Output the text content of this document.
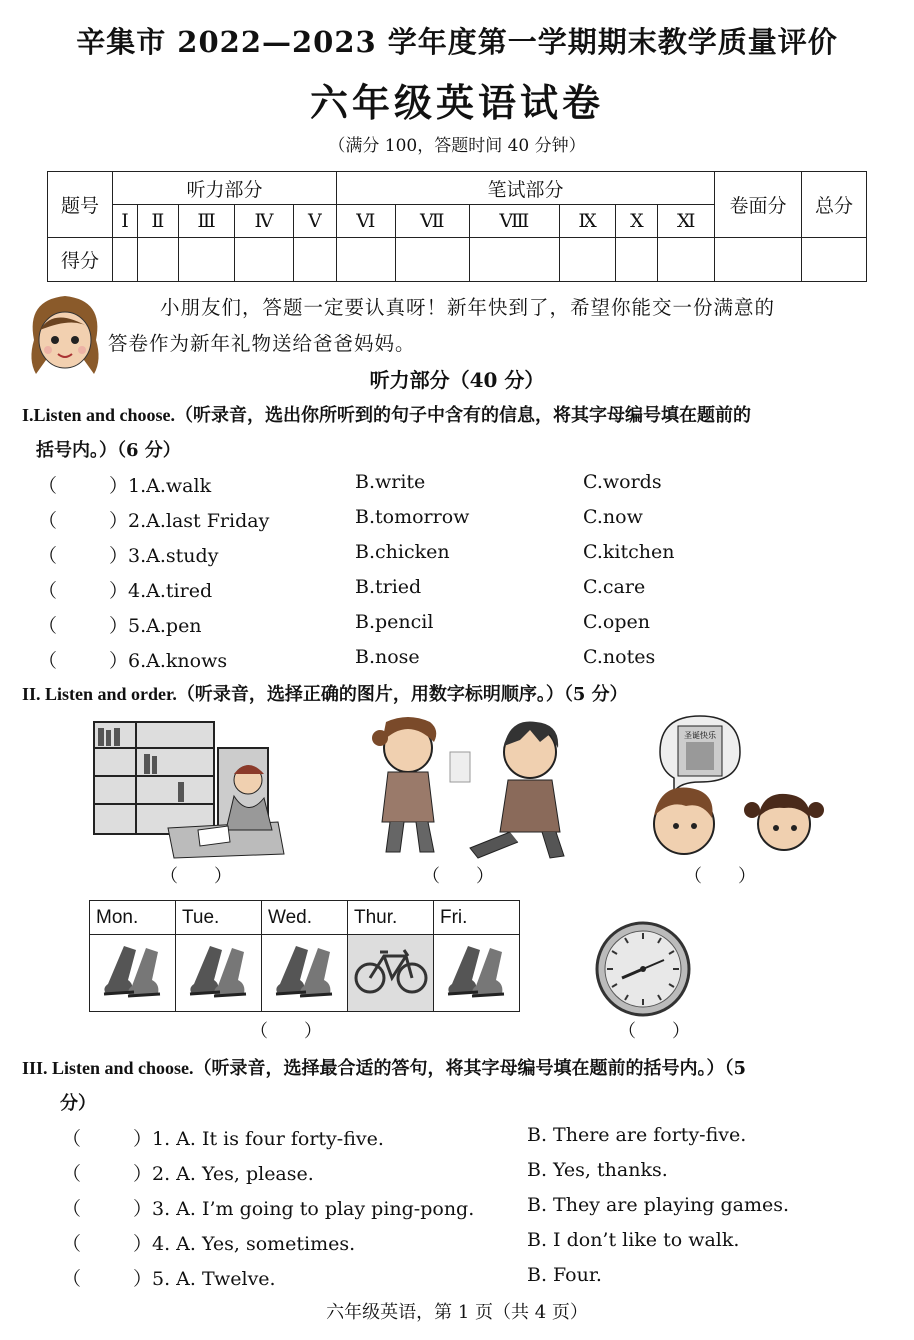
辛集市 2022—2023 学年度第一学期期末教学质量评价
六年级英语试卷
（满分 100，答题时间 40 分钟）
题号	听力部分					笔试部分						卷面分	总分
	Ⅰ	Ⅱ	Ⅲ	Ⅳ	Ⅴ	Ⅵ	Ⅶ	Ⅷ	Ⅸ	Ⅹ	Ⅺ		
得分													
小朋友们，答题一定要认真呀！新年快到了，希望你能交一份满意的
答卷作为新年礼物送给爸爸妈妈。
听力部分（40 分）
I.Listen and choose.（听录音，选出你所听到的句子中含有的信息，将其字母编号填在题前的
括号内。）（6 分）
（	）1.A.walk	B.write	C.words
（	）2.A.last Friday	B.tomorrow	C.now
（	）3.A.study	B.chicken	C.kitchen
（	）4.A.tired	B.tried	C.care
（	）5.A.pen	B.pencil	C.open
（	）6.A.knows	B.nose	C.notes
II. Listen and order.（听录音，选择正确的图片，用数字标明顺序。）（5 分）
（　　）	（　　）
圣诞快乐
（　　）
Mon.	Tue.	Wed.	Thur.	Fri.

（　　）	（　　）
III. Listen and choose.（听录音，选择最合适的答句，将其字母编号填在题前的括号内。）（5
分）
（	）1. A. It is four forty-five.	B. There are forty-five.
（	）2. A. Yes, please.	B. Yes, thanks.
（	）3. A. I’m going to play ping-pong.	B. They are playing games.
（	）4. A. Yes, sometimes.	B. I don’t like to walk.
（	）5. A. Twelve.	B. Four.
六年级英语，第 1 页（共 4 页）
